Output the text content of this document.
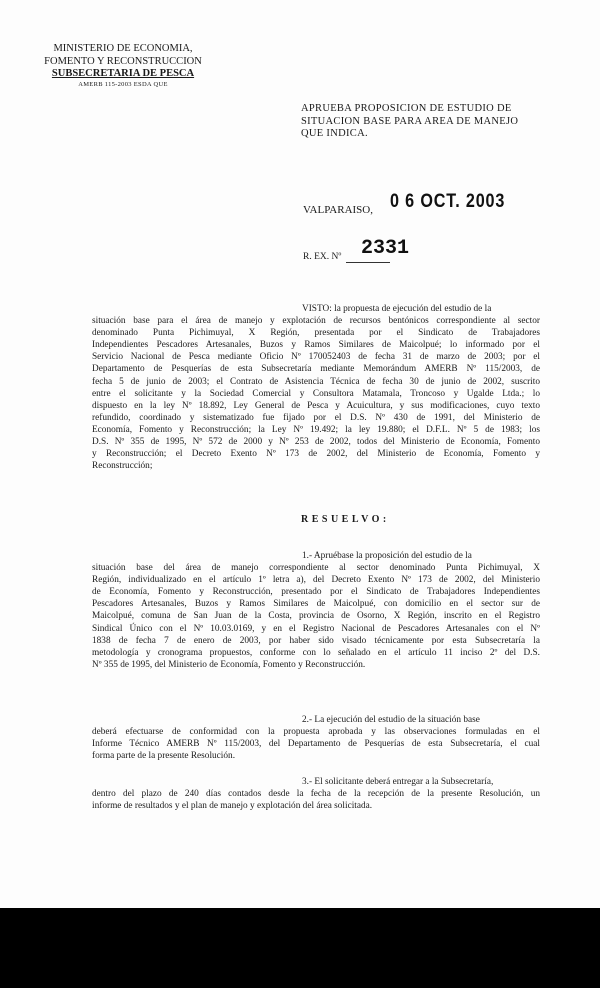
MINISTERIO DE ECONOMIA,
FOMENTO Y RECONSTRUCCION
SUBSECRETARIA DE PESCA
AMERB 115-2003 ESDA QUE
APRUEBA PROPOSICION DE ESTUDIO DE
SITUACION BASE PARA AREA DE MANEJO
QUE INDICA.
VALPARAISO, 0 6 OCT. 2003
R. EX. Nº 2331
VISTO: la propuesta de ejecución del estudio de la
situación base para el área de manejo y explotación de recursos bentónicos correspondiente al sector
denominado Punta Pichimuyal, X Región, presentada por el Sindicato de Trabajadores
Independientes Pescadores Artesanales, Buzos y Ramos Similares de Maicolpué; lo informado por el
Servicio Nacional de Pesca mediante Oficio Nº 170052403 de fecha 31 de marzo de 2003; por el
Departamento de Pesquerías de esta Subsecretaría mediante Memorándum AMERB Nº 115/2003, de
fecha 5 de junio de 2003; el Contrato de Asistencia Técnica de fecha 30 de junio de 2002, suscrito
entre el solicitante y la Sociedad Comercial y Consultora Matamala, Troncoso y Ugalde Ltda.; lo
dispuesto en la ley Nº 18.892, Ley General de Pesca y Acuicultura, y sus modificaciones, cuyo texto
refundido, coordinado y sistematizado fue fijado por el D.S. Nº 430 de 1991, del Ministerio de
Economía, Fomento y Reconstrucción; la Ley Nº 19.492; la ley 19.880; el D.F.L. Nº 5 de 1983; los
D.S. Nº 355 de 1995, Nº 572 de 2000 y Nº 253 de 2002, todos del Ministerio de Economía, Fomento
y Reconstrucción; el Decreto Exento Nº 173 de 2002, del Ministerio de Economía, Fomento y
Reconstrucción;
RESUELVO:
1.- Apruébase la proposición del estudio de la
situación base del área de manejo correspondiente al sector denominado Punta Pichimuyal, X
Región, individualizado en el artículo 1º letra a), del Decreto Exento Nº 173 de 2002, del Ministerio
de Economía, Fomento y Reconstrucción, presentado por el Sindicato de Trabajadores Independientes
Pescadores Artesanales, Buzos y Ramos Similares de Maicolpué, con domicilio en el sector sur de
Maicolpué, comuna de San Juan de la Costa, provincia de Osorno, X Región, inscrito en el Registro
Sindical Único con el Nº 10.03.0169, y en el Registro Nacional de Pescadores Artesanales con el Nº
1838 de fecha 7 de enero de 2003, por haber sido visado técnicamente por esta Subsecretaría la
metodología y cronograma propuestos, conforme con lo señalado en el artículo 11 inciso 2º del D.S.
Nº 355 de 1995, del Ministerio de Economía, Fomento y Reconstrucción.
2.- La ejecución del estudio de la situación base
deberá efectuarse de conformidad con la propuesta aprobada y las observaciones formuladas en el
Informe Técnico AMERB Nº 115/2003, del Departamento de Pesquerías de esta Subsecretaría, el cual
forma parte de la presente Resolución.
3.- El solicitante deberá entregar a la Subsecretaría,
dentro del plazo de 240 días contados desde la fecha de la recepción de la presente Resolución, un
informe de resultados y el plan de manejo y explotación del área solicitada.
